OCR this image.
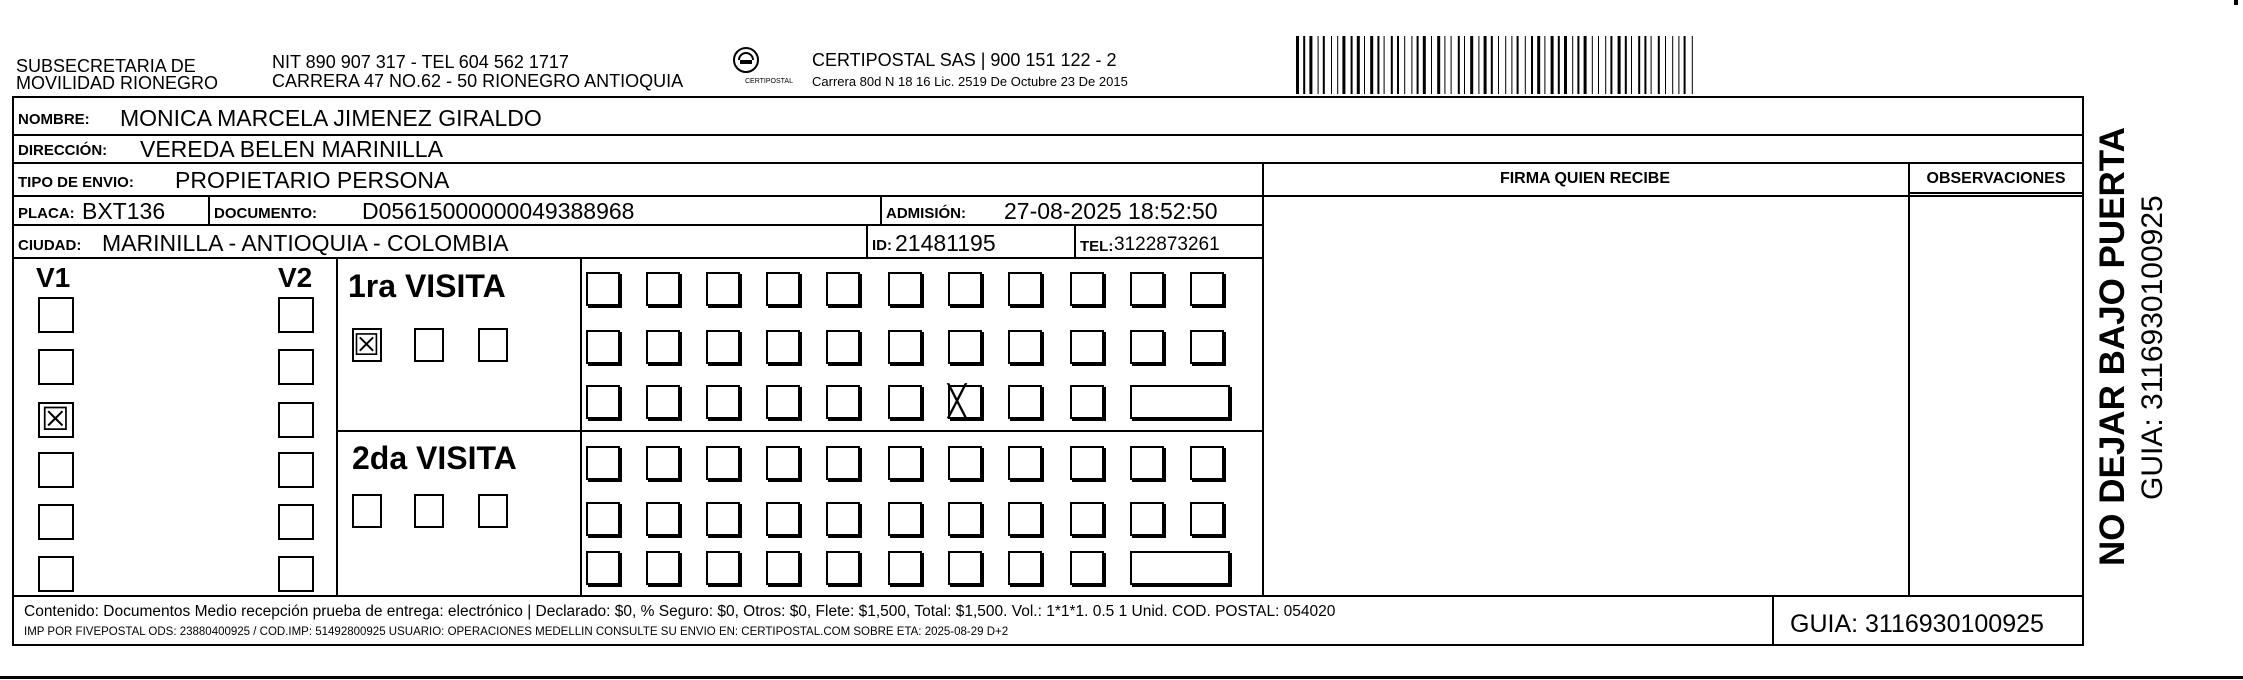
SUBSECRETARIA DE
MOVILIDAD RIONEGRO
NIT 890 907 317 - TEL 604 562 1717
CARRERA 47 NO.62 - 50 RIONEGRO ANTIOQUIA	CERTIPOSTAL
CERTIPOSTAL SAS | 900 151 122 - 2
Carrera 80d N 18 16 Lic. 2519 De Octubre 23 De 2015
NOMBRE: MONICA MARCELA JIMENEZ GIRALDO
DIRECCIÓN: VEREDA BELEN MARINILLA
TIPO DE ENVIO: PROPIETARIO PERSONA	FIRMA QUIEN RECIBE	OBSERVACIONES
PLACA: BXT136	DOCUMENTO: D05615000000049388968	ADMISIÓN: 27-08-2025 18:52:50
CIUDAD: MARINILLA - ANTIOQUIA - COLOMBIA	ID: 21481195	TEL: 3122873261
V1	V2
☒
1ra VISITA
☒
╳
2da VISITA
Contenido: Documentos Medio recepción prueba de entrega: electrónico | Declarado: $0, % Seguro: $0, Otros: $0, Flete: $1,500, Total: $1,500. Vol.: 1*1*1. 0.5 1 Unid. COD. POSTAL: 054020
IMP POR FIVEPOSTAL ODS: 23880400925 / COD.IMP: 51492800925 USUARIO: OPERACIONES MEDELLIN CONSULTE SU ENVIO EN: CERTIPOSTAL.COM SOBRE ETA: 2025-08-29 D+2	GUIA: 3116930100925
NO DEJAR BAJO PUERTA GUIA: 3116930100925
